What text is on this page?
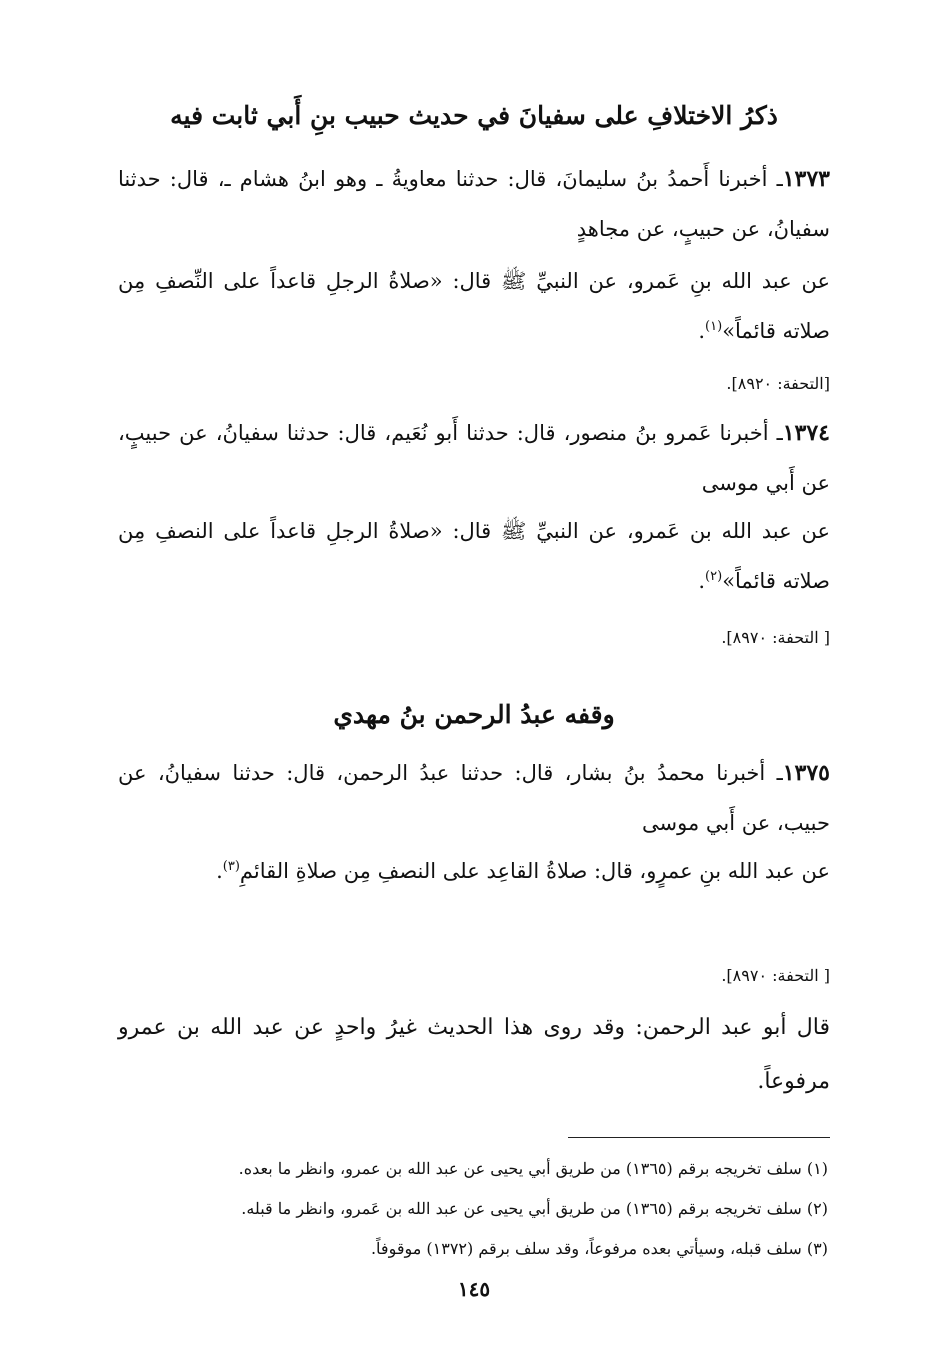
ذكرُ الاختلافِ على سفيانَ في حديث حبيب بنِ أَبي ثابت فيه
١٣٧٣ـ أخبرنا أَحمدُ بنُ سليمانَ، قال: حدثنا معاويةُ ـ وهو ابنُ هشام ـ، قال: حدثنا سفيانُ، عن حبيبٍ، عن مجاهدٍ
عن عبد الله بنِ عَمرو، عن النبيِّ ﷺ قال: «صلاةُ الرجلِ قاعداً على النِّصفِ مِن صلاته قائماً»$^{(١)}$.
[التحفة: ٨٩٢٠].
١٣٧٤ـ أخبرنا عَمرو بنُ منصور، قال: حدثنا أَبو نُعَيم، قال: حدثنا سفيانُ، عن حبيبٍ، عن أَبي موسى
عن عبد الله بن عَمرو، عن النبيِّ ﷺ قال: «صلاةُ الرجلِ قاعداً على النصفِ مِن صلاته قائماً»$^{(٢)}$.
[ التحفة: ٨٩٧٠].
وقفه عبدُ الرحمن بنُ مهدي
١٣٧٥ـ أخبرنا محمدُ بنُ بشار، قال: حدثنا عبدُ الرحمن، قال: حدثنا سفيانُ، عن حبيب، عن أَبي موسى
عن عبد الله بنِ عمرٍو، قال: صلاةُ القاعِد على النصفِ مِن صلاةِ القائمِ$^{(٣)}$.
[ التحفة: ٨٩٧٠].
قال أبو عبد الرحمن: وقد روى هذا الحديث غيرُ واحدٍ عن عبد الله بن عمرو مرفوعاً.
(١) سلف تخريجه برقم (١٣٦٥) من طريق أبي يحيى عن عبد الله بن عمرو، وانظر ما بعده.
(٢) سلف تخريجه برقم (١٣٦٥) من طريق أبي يحيى عن عبد الله بن عَمرو، وانظر ما قبله.
(٣) سلف قبله، وسيأتي بعده مرفوعاً، وقد سلف برقم (١٣٧٢) موقوفاً.
١٤٥
